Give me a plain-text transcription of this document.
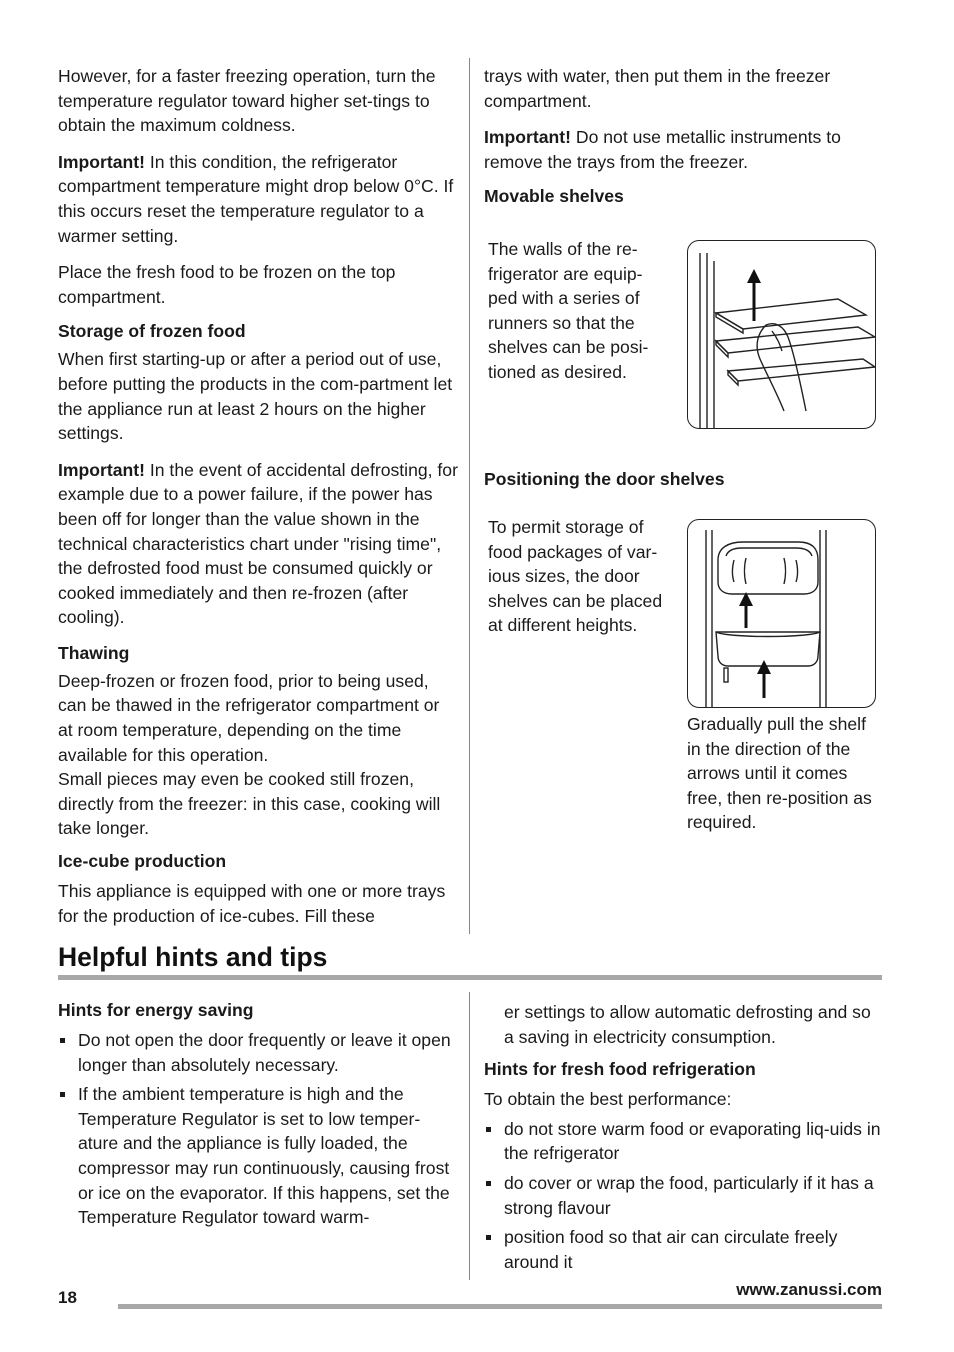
However, for a faster freezing operation, turn the temperature regulator toward higher set-tings to obtain the maximum coldness.

Important! In this condition, the refrigerator compartment temperature might drop below 0°C. If this occurs reset the temperature regulator to a warmer setting.

Place the fresh food to be frozen on the top compartment.

Storage of frozen food

When first starting-up or after a period out of use, before putting the products in the com-partment let the appliance run at least 2 hours on the higher settings.

Important! In the event of accidental defrosting, for example due to a power failure, if the power has been off for longer than the value shown in the technical characteristics chart under "rising time", the defrosted food must be consumed quickly or cooked immediately and then re-frozen (after cooling).

Thawing

Deep-frozen or frozen food, prior to being used, can be thawed in the refrigerator compartment or at room temperature, depending on the time available for this operation.

Small pieces may even be cooked still frozen, directly from the freezer: in this case, cooking will take longer.

Ice-cube production

This appliance is equipped with one or more trays for the production of ice-cubes. Fill these

trays with water, then put them in the freezer compartment.

Important! Do not use metallic instruments to remove the trays from the freezer.

Movable shelves

The walls of the re-frigerator are equip-ped with a series of runners so that the shelves can be posi-tioned as desired.

Positioning the door shelves

To permit storage of food packages of var-ious sizes, the door shelves can be placed at different heights.

Gradually pull the shelf in the direction of the arrows until it comes free, then re-position as required.

Helpful hints and tips
Hints for energy saving
Do not open the door frequently or leave it open longer than absolutely necessary.
If the ambient temperature is high and the Temperature Regulator is set to low temper-ature and the appliance is fully loaded, the compressor may run continuously, causing frost or ice on the evaporator. If this happens, set the Temperature Regulator toward warm-

er settings to allow automatic defrosting and so a saving in electricity consumption.

Hints for fresh food refrigeration

To obtain the best performance:

do not store warm food or evaporating liq-uids in the refrigerator
do cover or wrap the food, particularly if it has a strong flavour
position food so that air can circulate freely around it
18	www.zanussi.com
